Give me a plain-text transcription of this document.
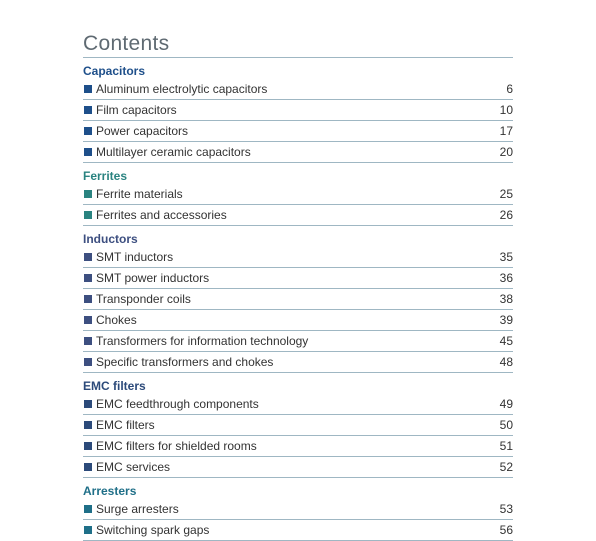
Contents
Capacitors
Aluminum electrolytic capacitors	6
Film capacitors	10
Power capacitors	17
Multilayer ceramic capacitors	20
Ferrites
Ferrite materials	25
Ferrites and accessories	26
Inductors
SMT inductors	35
SMT power inductors	36
Transponder coils	38
Chokes	39
Transformers for information technology	45
Specific transformers and chokes	48
EMC filters
EMC feedthrough components	49
EMC filters	50
EMC filters for shielded rooms	51
EMC services	52
Arresters
Surge arresters	53
Switching spark gaps	56
